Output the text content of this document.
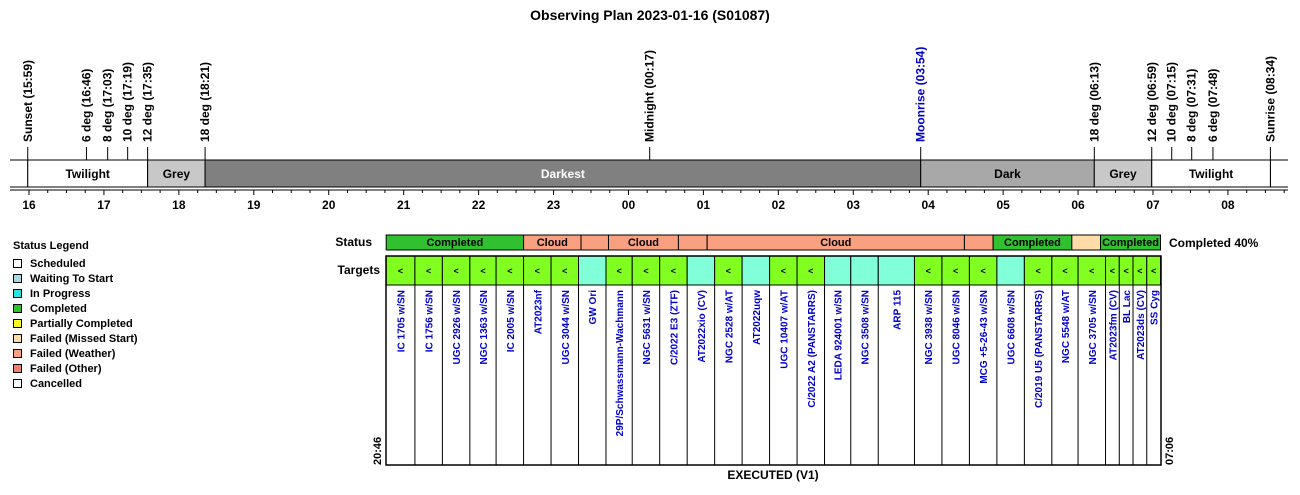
Observing Plan 2023-01-16 (S01087)
Sunset (15:59)	6 deg (16:46) 8 deg (17:03) 10 deg (17:19) 12 deg (17:35)	18 deg (18:21)	Midnight (00:17)	Moonrise (03:54)	18 deg (06:13)	12 deg (06:59) 10 deg (07:15) 8 deg (07:31) 6 deg (07:48)	Sunrise (08:34)
Twilight	Grey	Darkest	Dark	Grey	Twilight
16	17	18	19	20	21	22	23	00	01	02	03	04	05	06	07	08
Status
Targets
Completed 40%
Completed	Cloud	Cloud	Cloud	Completed	Completed
<
IC 1705 w/SN
<
IC 1756 w/SN
<
UGC 2926 w/SN
<
NGC 1363 w/SN
<
IC 2005 w/SN
<
AT2023nf
<
UGC 3044 w/SN GW Ori
<
29P/Schwassmann-Wachmann
<
NGC 5631 w/SN
<
C/2022 E3 (ZTF) AT2022xio (CV)
<
NGC 2528 w/AT AT2022uqw
<
UGC 10407 w/AT
<
C/2022 A2 (PANSTARRS) LEDA 924001 w/SN NGC 3508 w/SN ARP 115
<
NGC 3938 w/SN
<
UGC 8046 w/SN
<
MCG +5-26-43 w/SN UGC 6608 w/SN
<
C/2019 U5 (PANSTARRS)
<
NGC 5548 w/AT
<
NGC 3705 w/SN
<
AT2023fm (CV)
<
BL Lac
<
AT2023ds (CV)
<
SS Cyg
20:46	07:06
EXECUTED (V1)
Status Legend
Scheduled
Waiting To Start
In Progress
Completed
Partially Completed
Failed (Missed Start)
Failed (Weather)
Failed (Other)
Cancelled
